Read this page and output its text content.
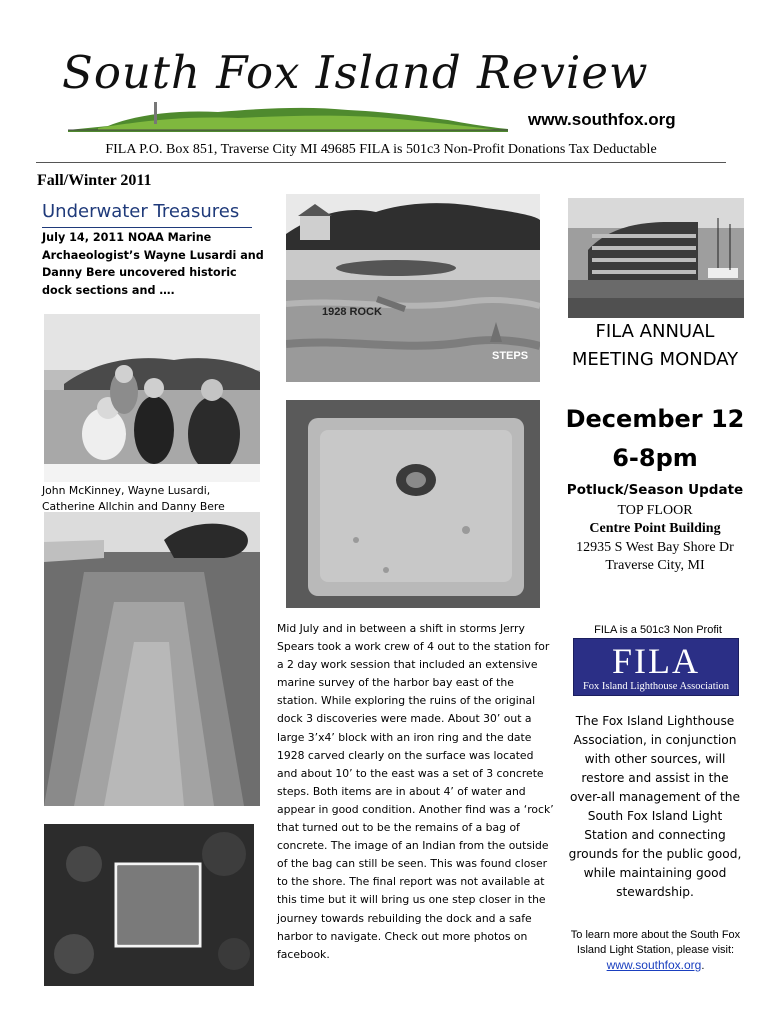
South Fox Island Review
www.southfox.org
FILA P.O. Box 851, Traverse City MI 49685 FILA is 501c3 Non-Profit Donations Tax Deductable
Fall/Winter 2011
Underwater Treasures
July 14, 2011 NOAA Marine Archaeologist’s Wayne Lusardi and Danny Bere uncovered historic dock sections and ….
1928 ROCK
STEPS
John McKinney, Wayne Lusardi, Catherine Allchin and Danny Bere
FILA ANNUAL MEETING MONDAY
December 12
6-8pm
Potluck/Season Update
TOP FLOOR
Centre Point Building
12935 S West Bay Shore Dr
Traverse City, MI
Mid July and in between a shift in storms Jerry Spears took a work crew of 4 out to the station for a 2 day work session that included an extensive marine survey of the harbor bay east of the station. While exploring the ruins of the original dock 3 discoveries were made. About 30’ out a large 3’x4’ block with an iron ring and the date 1928 carved clearly on the surface was located and about 10’ to the east was a set of 3 concrete steps. Both items are in about 4’ of water and appear in good condition. Another find was a ‘rock’ that turned out to be the remains of a bag of concrete. The image of an Indian from the outside of the bag can still be seen. This was found closer to the shore. The final report was not available at this time but it will bring us one step closer in the journey towards rebuilding the dock and a safe harbor to navigate. Check out more photos on facebook.
FILA is a 501c3 Non Profit
FILA
Fox Island Lighthouse Association
The Fox Island Lighthouse Association, in conjunction with other sources, will restore and assist in the over-all management of the South Fox Island Light Station and connecting grounds for the public good, while maintaining good stewardship.
To learn more about the South Fox Island Light Station, please visit: www.southfox.org.
